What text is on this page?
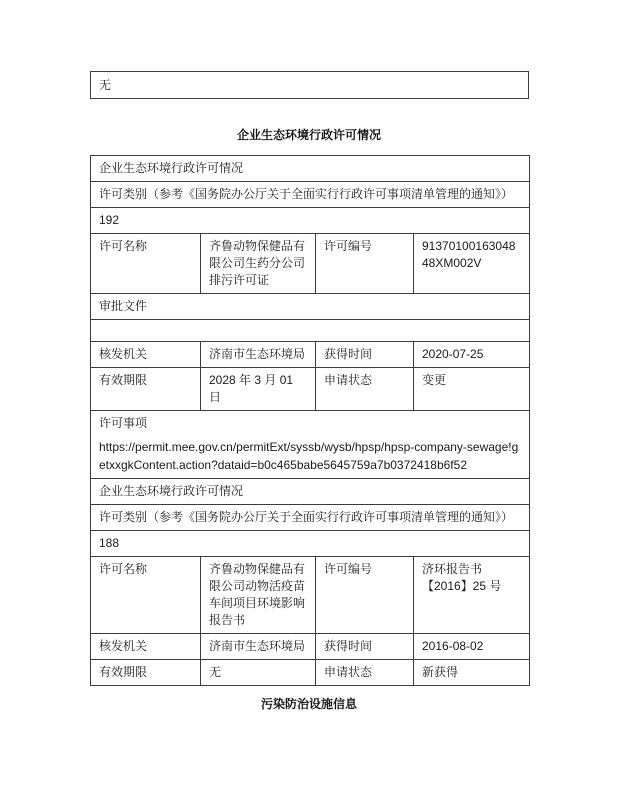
无
企业生态环境行政许可情况
企业生态环境行政许可情况			
许可类别（参考《国务院办公厅关于全面实行行政许可事项清单管理的通知》）			
192			
许可名称	齐鲁动物保健品有限公司生药分公司排污许可证	许可编号	9137010016304848XM002V
审批文件			

核发机关	济南市生态环境局	获得时间	2020-07-25
有效期限	2028 年 3 月 01 日	申请状态	变更

许可事项
https://permit.mee.gov.cn/permitExt/syssb/wysb/hpsp/hpsp-company-sewage!getxxgkContent.action?dataid=b0c465babe5645759a7b0372418b6f52			

企业生态环境行政许可情况			
许可类别（参考《国务院办公厅关于全面实行行政许可事项清单管理的通知》）			
188			
许可名称	齐鲁动物保健品有限公司动物活疫苗车间项目环境影响报告书	许可编号	济环报告书【2016】25 号
核发机关	济南市生态环境局	获得时间	2016-08-02
有效期限	无	申请状态	新获得
污染防治设施信息
